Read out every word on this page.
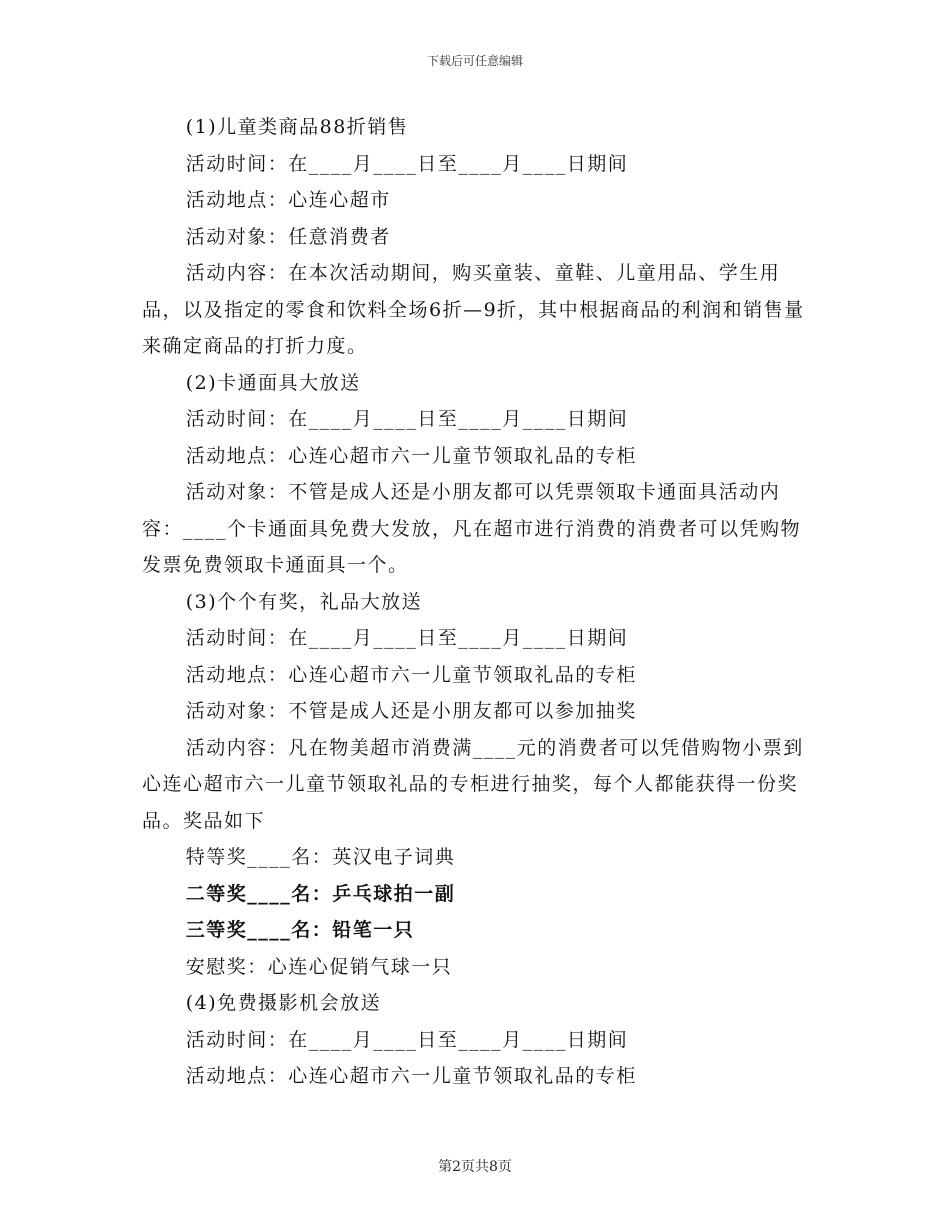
下载后可任意编辑

(1)儿童类商品88折销售

活动时间：在____月____日至____月____日期间

活动地点：心连心超市

活动对象：任意消费者

活动内容：在本次活动期间，购买童装、童鞋、儿童用品、学生用品，以及指定的零食和饮料全场6折—9折，其中根据商品的利润和销售量来确定商品的打折力度。

(2)卡通面具大放送

活动时间：在____月____日至____月____日期间

活动地点：心连心超市六一儿童节领取礼品的专柜

活动对象：不管是成人还是小朋友都可以凭票领取卡通面具活动内容：____个卡通面具免费大发放，凡在超市进行消费的消费者可以凭购物发票免费领取卡通面具一个。

(3)个个有奖，礼品大放送

活动时间：在____月____日至____月____日期间

活动地点：心连心超市六一儿童节领取礼品的专柜

活动对象：不管是成人还是小朋友都可以参加抽奖

活动内容：凡在物美超市消费满____元的消费者可以凭借购物小票到心连心超市六一儿童节领取礼品的专柜进行抽奖，每个人都能获得一份奖品。奖品如下

特等奖____名：英汉电子词典

二等奖____名：乒乓球拍一副

三等奖____名：铅笔一只

安慰奖：心连心促销气球一只

(4)免费摄影机会放送

活动时间：在____月____日至____月____日期间

活动地点：心连心超市六一儿童节领取礼品的专柜

第2页共8页
